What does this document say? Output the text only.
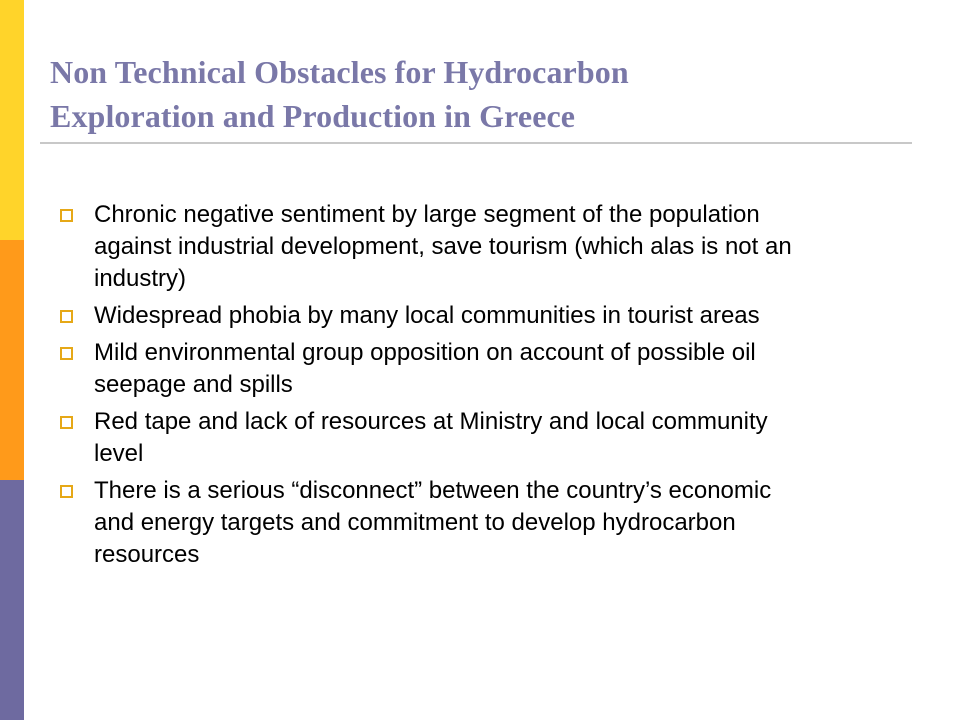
Non Technical Obstacles for Hydrocarbon
Exploration and Production in Greece
Chronic negative sentiment by large segment of the population
against industrial development, save tourism (which alas is not an
industry)
Widespread phobia by many local communities in tourist areas
Mild environmental group opposition on account of possible oil
seepage and spills
Red tape and lack of resources at Ministry and local community
level
There is a serious “disconnect” between the country’s economic
and energy targets and commitment to develop hydrocarbon
resources
